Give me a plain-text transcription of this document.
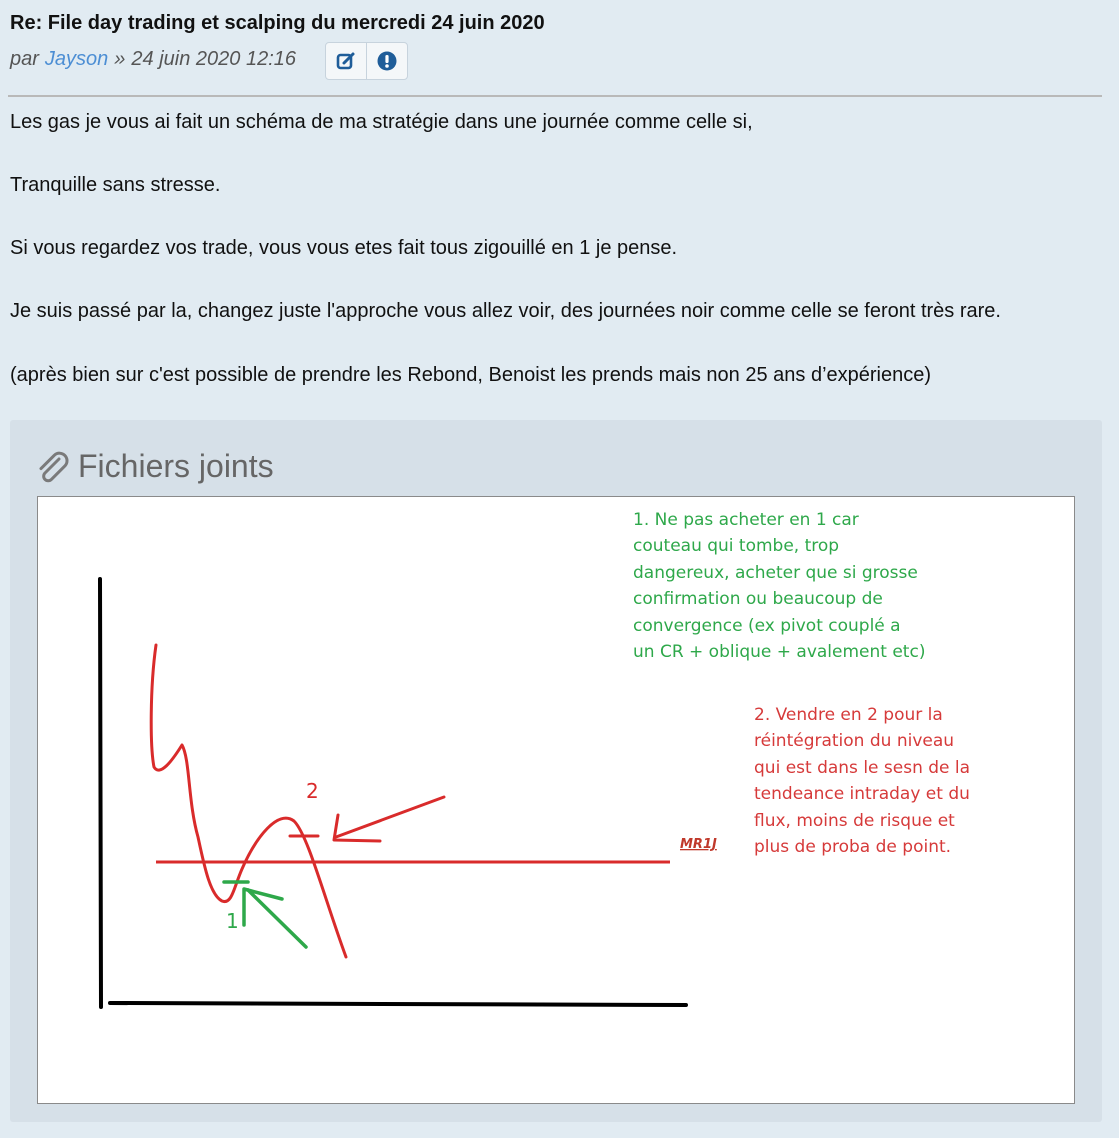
Re: File day trading et scalping du mercredi 24 juin 2020
par Jayson » 24 juin 2020 12:16

Les gas je vous ai fait un schéma de ma stratégie dans une journée comme celle si,

Tranquille sans stresse.

Si vous regardez vos trade, vous vous etes fait tous zigouillé en 1 je pense.

Je suis passé par la, changez juste l'approche vous allez voir, des journées noir comme celle se feront très rare.

(après bien sur c'est possible de prendre les Rebond, Benoist les prends mais non 25 ans d’expérience)

Fichiers joints
MR1J
2
1
1. Ne pas acheter en 1 car
couteau qui tombe, trop
dangereux, acheter que si grosse
confirmation ou beaucoup de
convergence (ex pivot couplé a
un CR + oblique + avalement etc)
2. Vendre en 2 pour la
réintégration du niveau
qui est dans le sesn de la
tendeance intraday et du
flux, moins de risque et
plus de proba de point.
